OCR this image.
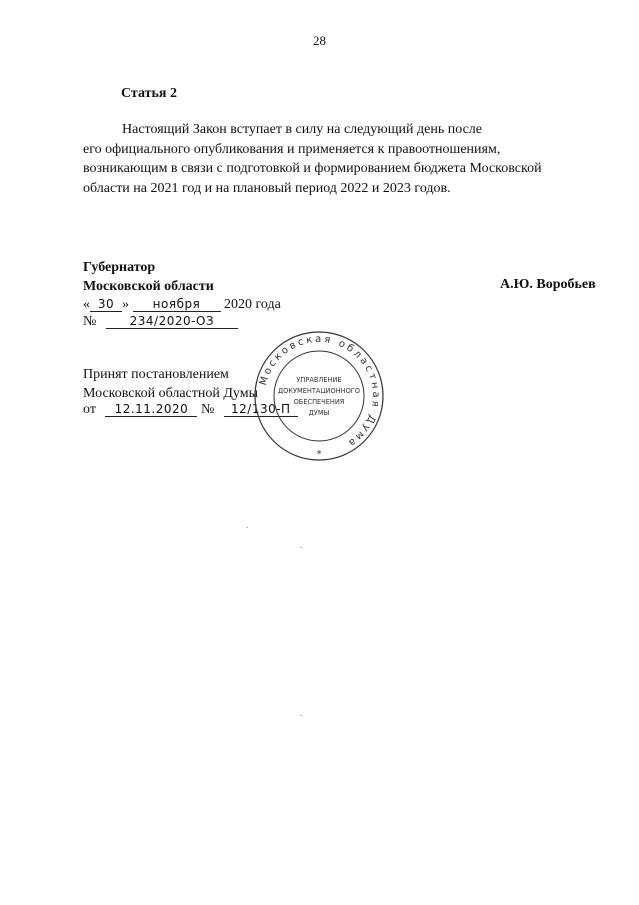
28
Статья 2
Настоящий Закон вступает в силу на следующий день после
его официального опубликования и применяется к правоотношениям,
возникающим в связи с подготовкой и формированием бюджета Московской
области на 2021 год и на плановый период 2022 и 2023 годов.
Губернатор
Московской области	А.Ю. Воробьев
« 30 » ноября 2020 года
№	234/2020-ОЗ
Принят постановлением
Московской областной Думы
от 12.11.2020 № 12/130-П
Московская областная Дума
УПРАВЛЕНИЕ
ДОКУМЕНТАЦИОННОГО
ОБЕСПЕЧЕНИЯ
ДУМЫ
*
